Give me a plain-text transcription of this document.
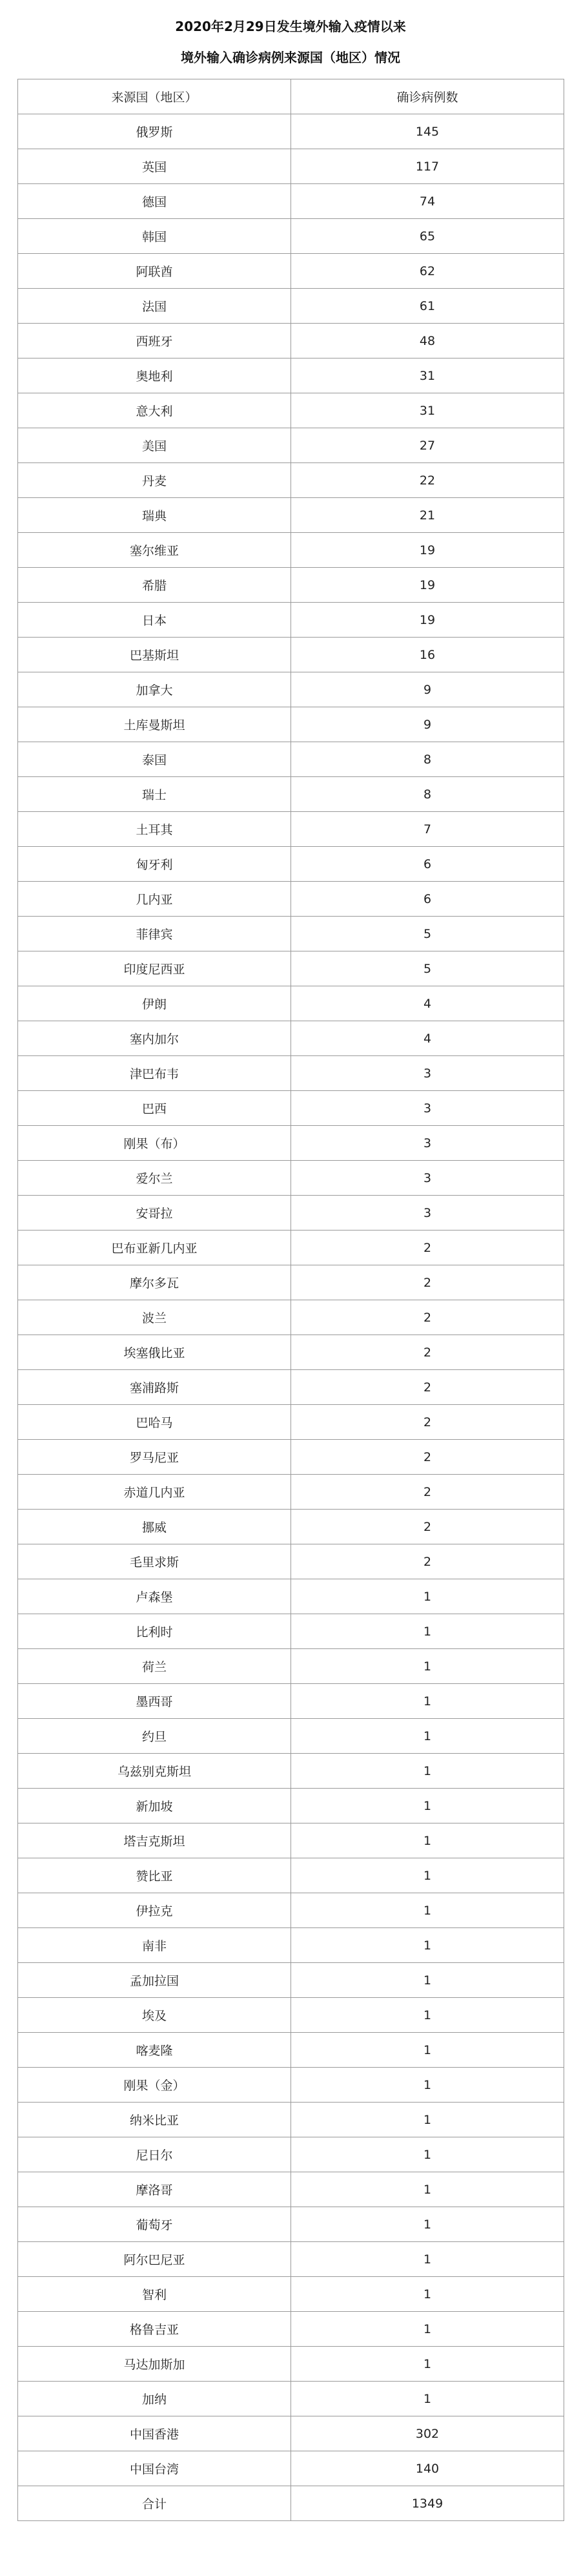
2020年2月29日发生境外输入疫情以来
境外输入确诊病例来源国（地区）情况
来源国（地区）	确诊病例数
俄罗斯	145
英国	117
德国	74
韩国	65
阿联酋	62
法国	61
西班牙	48
奥地利	31
意大利	31
美国	27
丹麦	22
瑞典	21
塞尔维亚	19
希腊	19
日本	19
巴基斯坦	16
加拿大	9
土库曼斯坦	9
泰国	8
瑞士	8
土耳其	7
匈牙利	6
几内亚	6
菲律宾	5
印度尼西亚	5
伊朗	4
塞内加尔	4
津巴布韦	3
巴西	3
刚果（布）	3
爱尔兰	3
安哥拉	3
巴布亚新几内亚	2
摩尔多瓦	2
波兰	2
埃塞俄比亚	2
塞浦路斯	2
巴哈马	2
罗马尼亚	2
赤道几内亚	2
挪威	2
毛里求斯	2
卢森堡	1
比利时	1
荷兰	1
墨西哥	1
约旦	1
乌兹别克斯坦	1
新加坡	1
塔吉克斯坦	1
赞比亚	1
伊拉克	1
南非	1
孟加拉国	1
埃及	1
喀麦隆	1
刚果（金）	1
纳米比亚	1
尼日尔	1
摩洛哥	1
葡萄牙	1
阿尔巴尼亚	1
智利	1
格鲁吉亚	1
马达加斯加	1
加纳	1
中国香港	302
中国台湾	140
合计	1349
